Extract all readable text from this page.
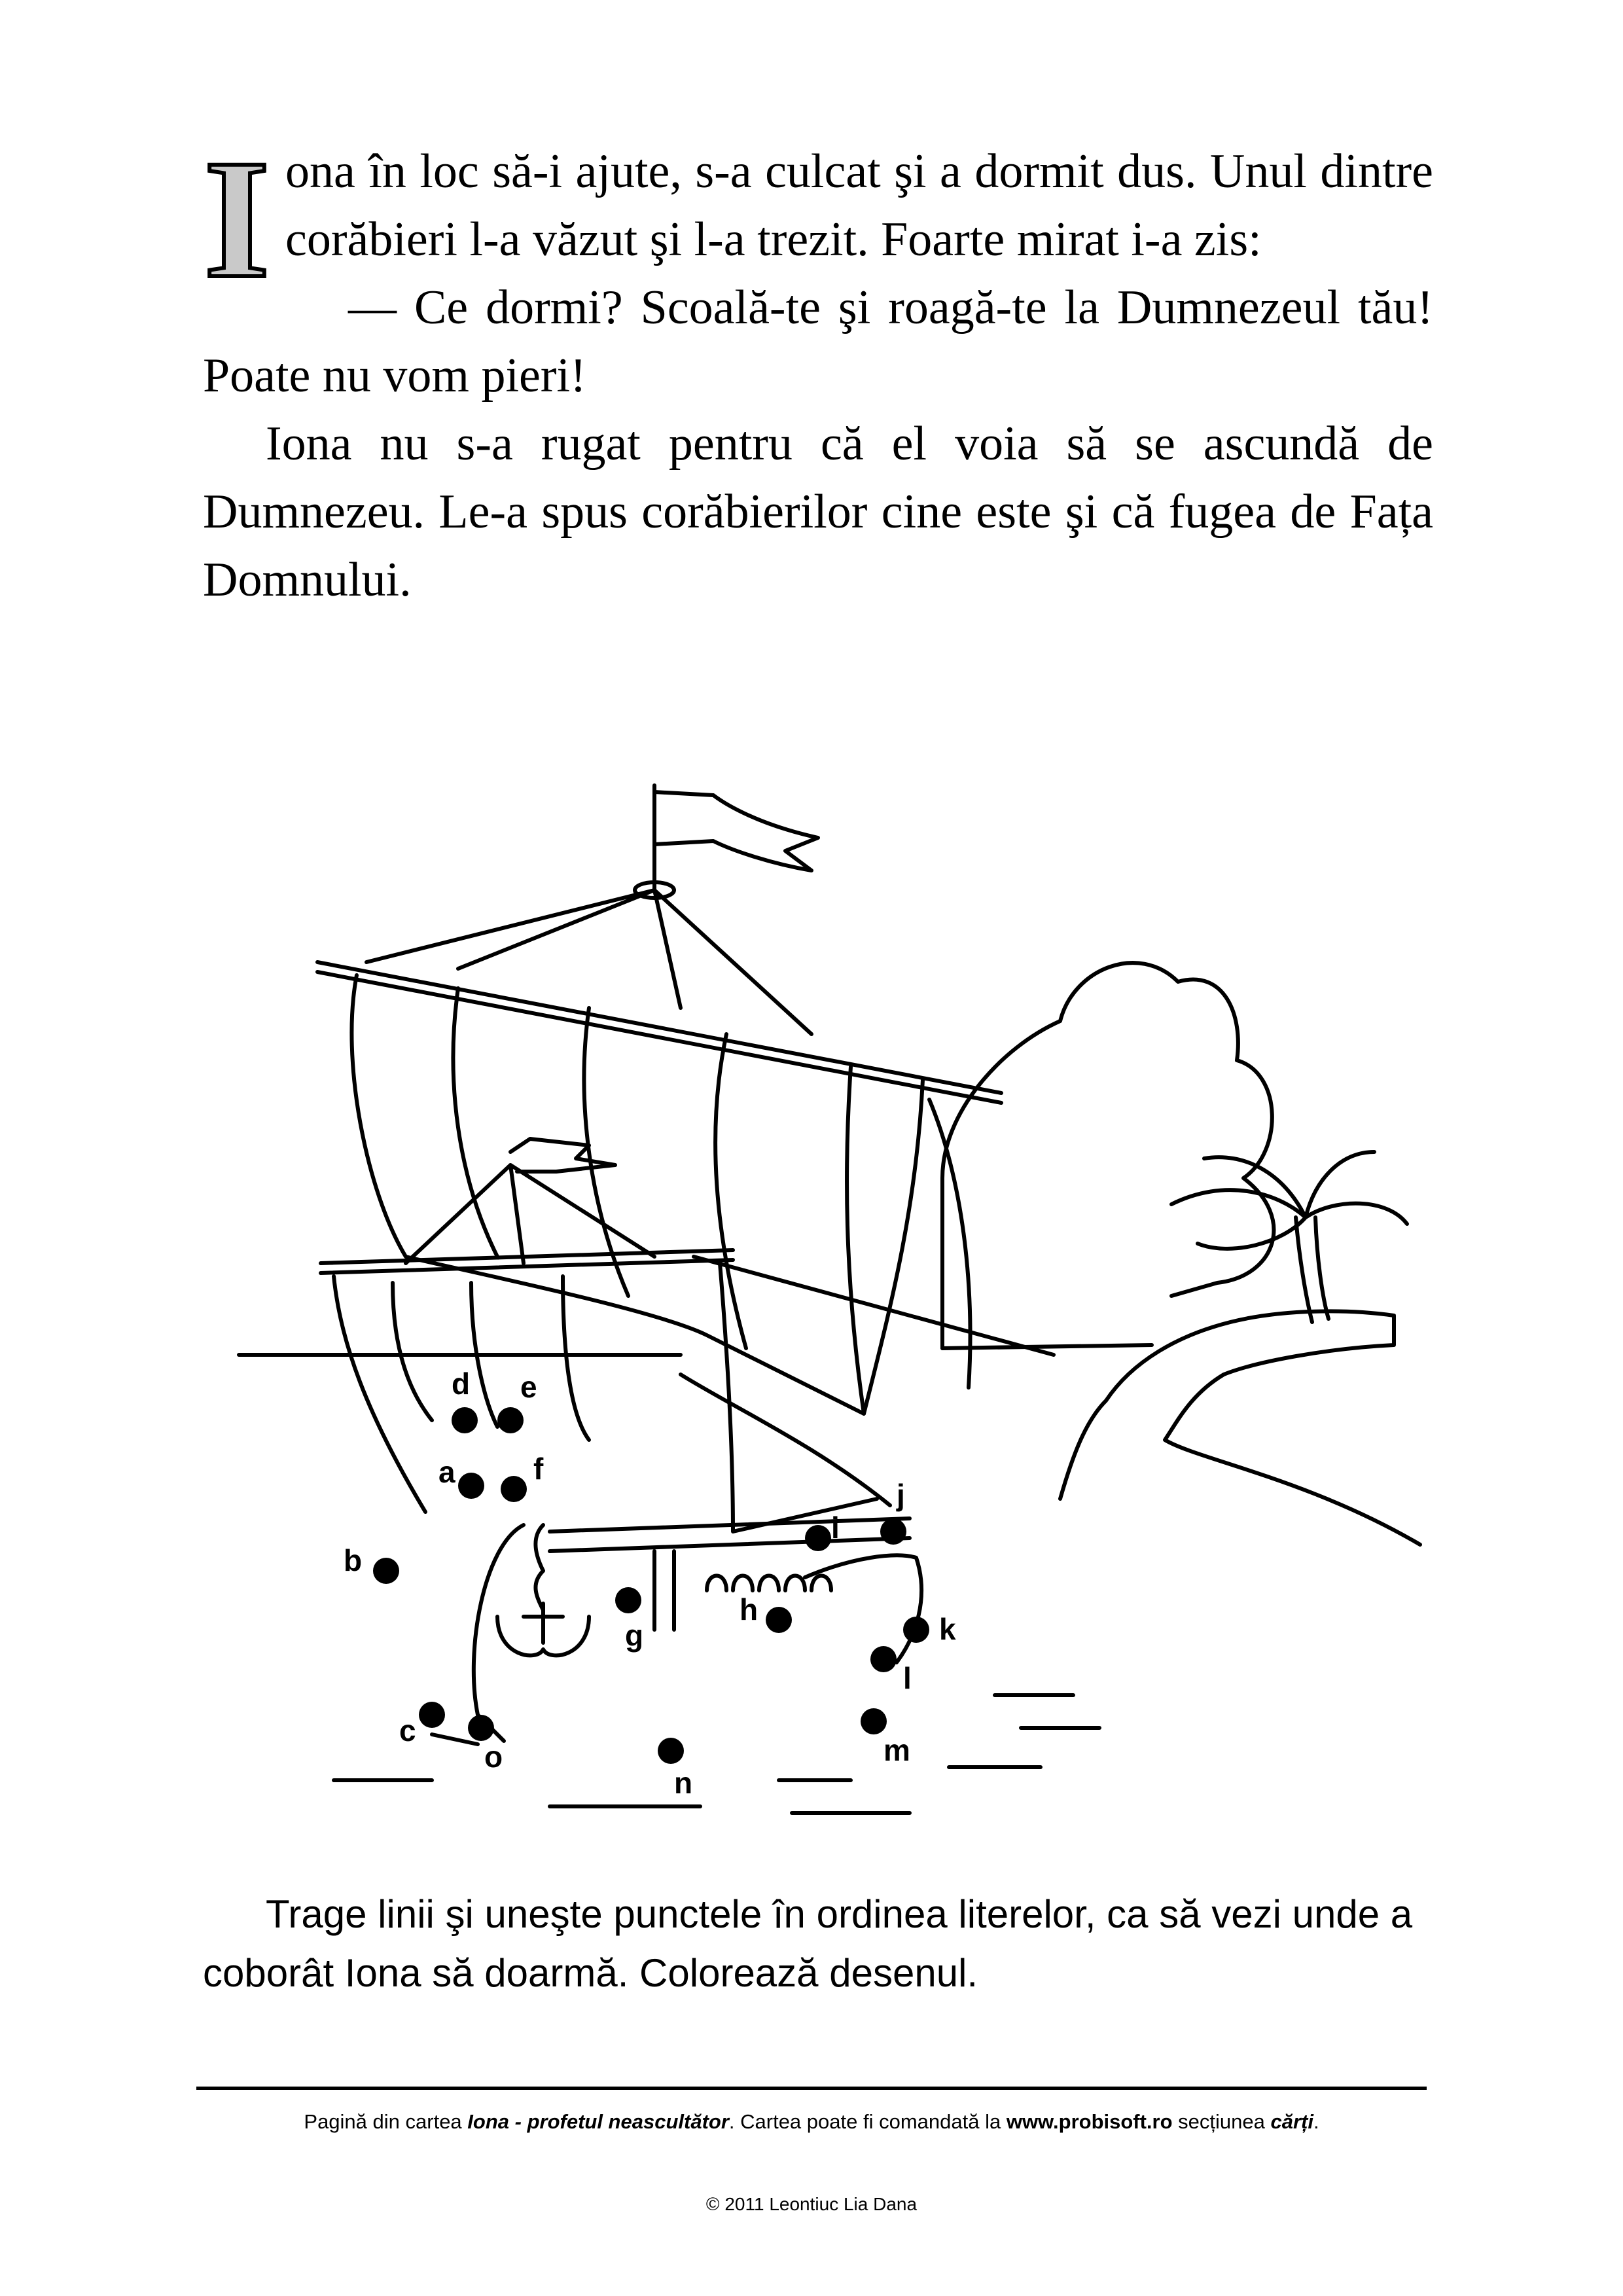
I ona în loc să-i ajute, s-a culcat şi a dormit dus. Unul dintre corăbieri l-a văzut şi l-a trezit. Foarte mirat i-a zis:

— Ce dormi? Scoală-te şi roagă-te la Dumnezeul tău! Poate nu vom pieri!

Iona nu s-a rugat pentru că el voia să se ascundă de Dumnezeu. Le-a spus corăbierilor cine este şi că fugea de Fața Domnului.

a
b
c
d e
f
g
h
i
j
k
l
m
n
o

Trage linii şi uneşte punctele în ordinea literelor, ca să vezi unde a coborât Iona să doarmă. Colorează desenul.

Pagină din cartea Iona - profetul neascultător. Cartea poate fi comandată la www.probisoft.ro secțiunea cărți.
© 2011 Leontiuc Lia Dana
